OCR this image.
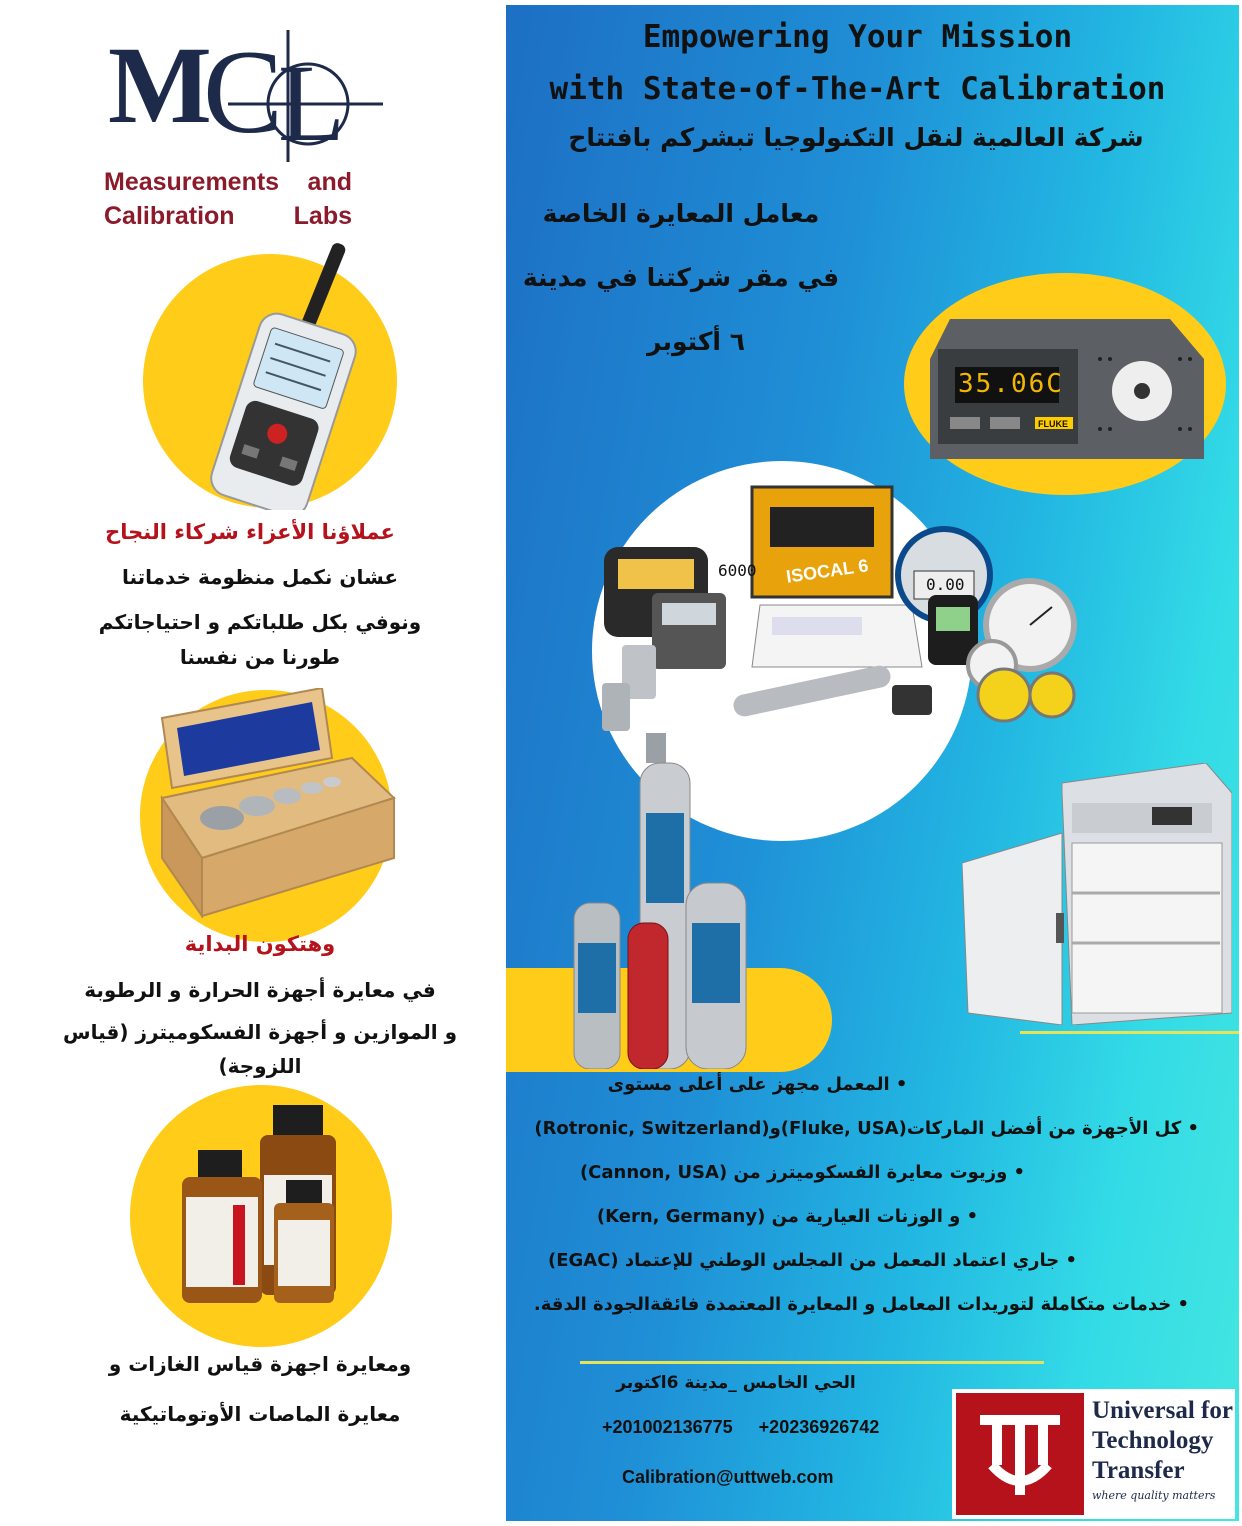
M
C
L
Measurements and
Calibration Labs
عملاؤنا الأعزاء شركاء النجاح
عشان نكمل منظومة خدماتنا
ونوفي بكل طلباتكم و احتياجاتكم
طورنا من نفسنا
وهتكون البداية
في معايرة أجهزة الحرارة و الرطوبة
و الموازين و أجهزة الفسكوميترز (قياس
اللزوجة)
ومعايرة اجهزة قياس الغازات و
معايرة الماصات الأوتوماتيكية
Empowering Your Mission
with State-of-The-Art Calibration
شركة العالمية لنقل التكنولوجيا تبشركم بافتتاح
معامل المعايرة الخاصة
في مقر شركتنا في مدينة
٦ أكتوبر
35.06C
FLUKE
ISOCAL 6
6000
0.00
• المعمل مجهز على أعلى مستوى
• كل الأجهزة من أفضل الماركات(Fluke, USA)و(Rotronic, Switzerland)
• وزيوت معايرة الفسكوميترز من (Cannon, USA)
• و الوزنات العيارية من (Kern, Germany)
• جاري اعتماد المعمل من المجلس الوطني للإعتماد (EGAC)
• خدمات متكاملة لتوريدات المعامل و المعايرة المعتمدة فائقةالجودة الدقة.
الحي الخامس _مدينة 6اكتوبر
+201002136775 +20236926742
Calibration@uttweb.com
Universal for
Technology
Transfer
where quality matters
